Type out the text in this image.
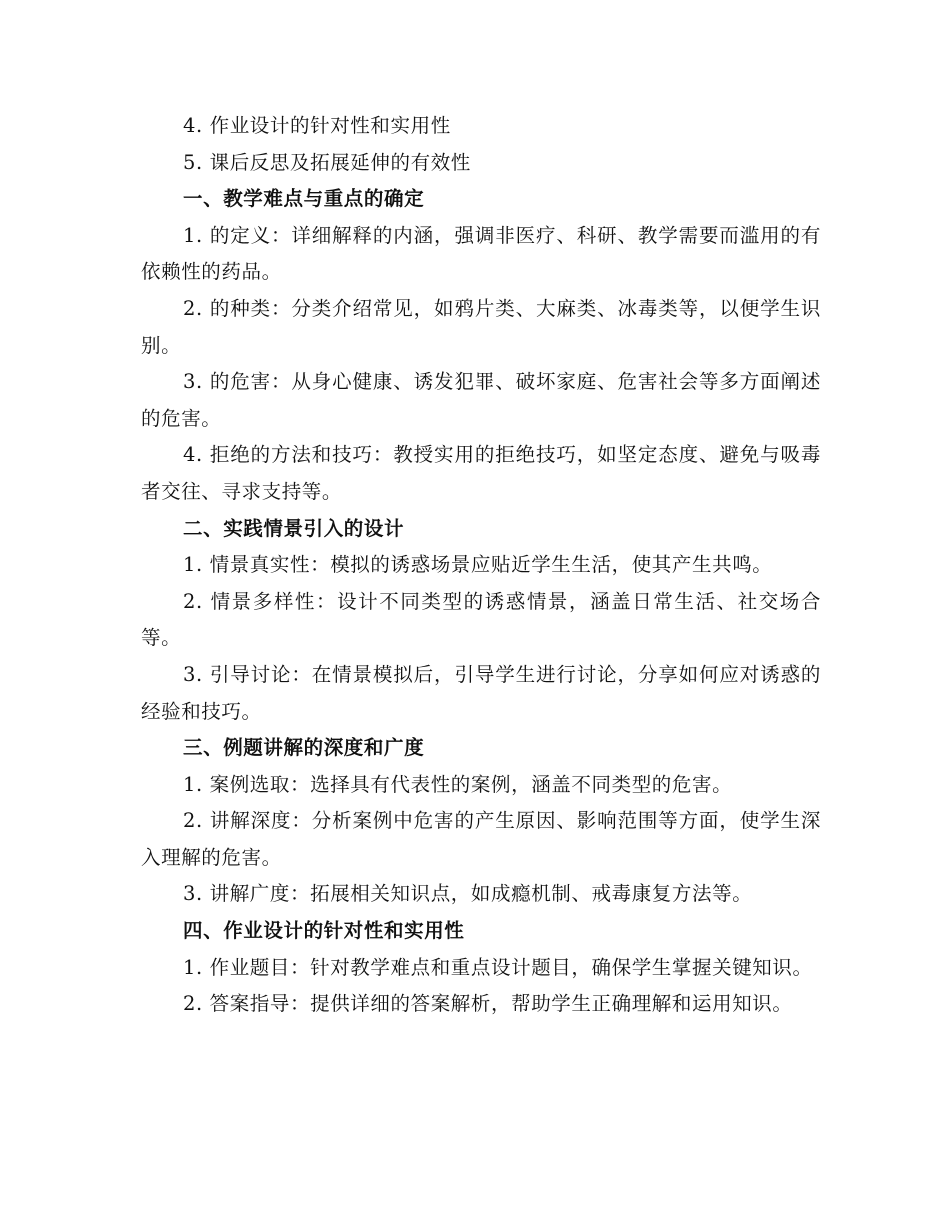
4. 作业设计的针对性和实用性

5. 课后反思及拓展延伸的有效性

一、教学难点与重点的确定

1. 的定义：详细解释的内涵，强调非医疗、科研、教学需要而滥用的有依赖性的药品。

2. 的种类：分类介绍常见，如鸦片类、大麻类、冰毒类等，以便学生识别。

3. 的危害：从身心健康、诱发犯罪、破坏家庭、危害社会等多方面阐述的危害。

4. 拒绝的方法和技巧：教授实用的拒绝技巧，如坚定态度、避免与吸毒者交往、寻求支持等。

二、实践情景引入的设计

1. 情景真实性：模拟的诱惑场景应贴近学生生活，使其产生共鸣。

2. 情景多样性：设计不同类型的诱惑情景，涵盖日常生活、社交场合等。

3. 引导讨论：在情景模拟后，引导学生进行讨论，分享如何应对诱惑的经验和技巧。

三、例题讲解的深度和广度

1. 案例选取：选择具有代表性的案例，涵盖不同类型的危害。

2. 讲解深度：分析案例中危害的产生原因、影响范围等方面，使学生深入理解的危害。

3. 讲解广度：拓展相关知识点，如成瘾机制、戒毒康复方法等。

四、作业设计的针对性和实用性

1. 作业题目：针对教学难点和重点设计题目，确保学生掌握关键知识。

2. 答案指导：提供详细的答案解析，帮助学生正确理解和运用知识。
